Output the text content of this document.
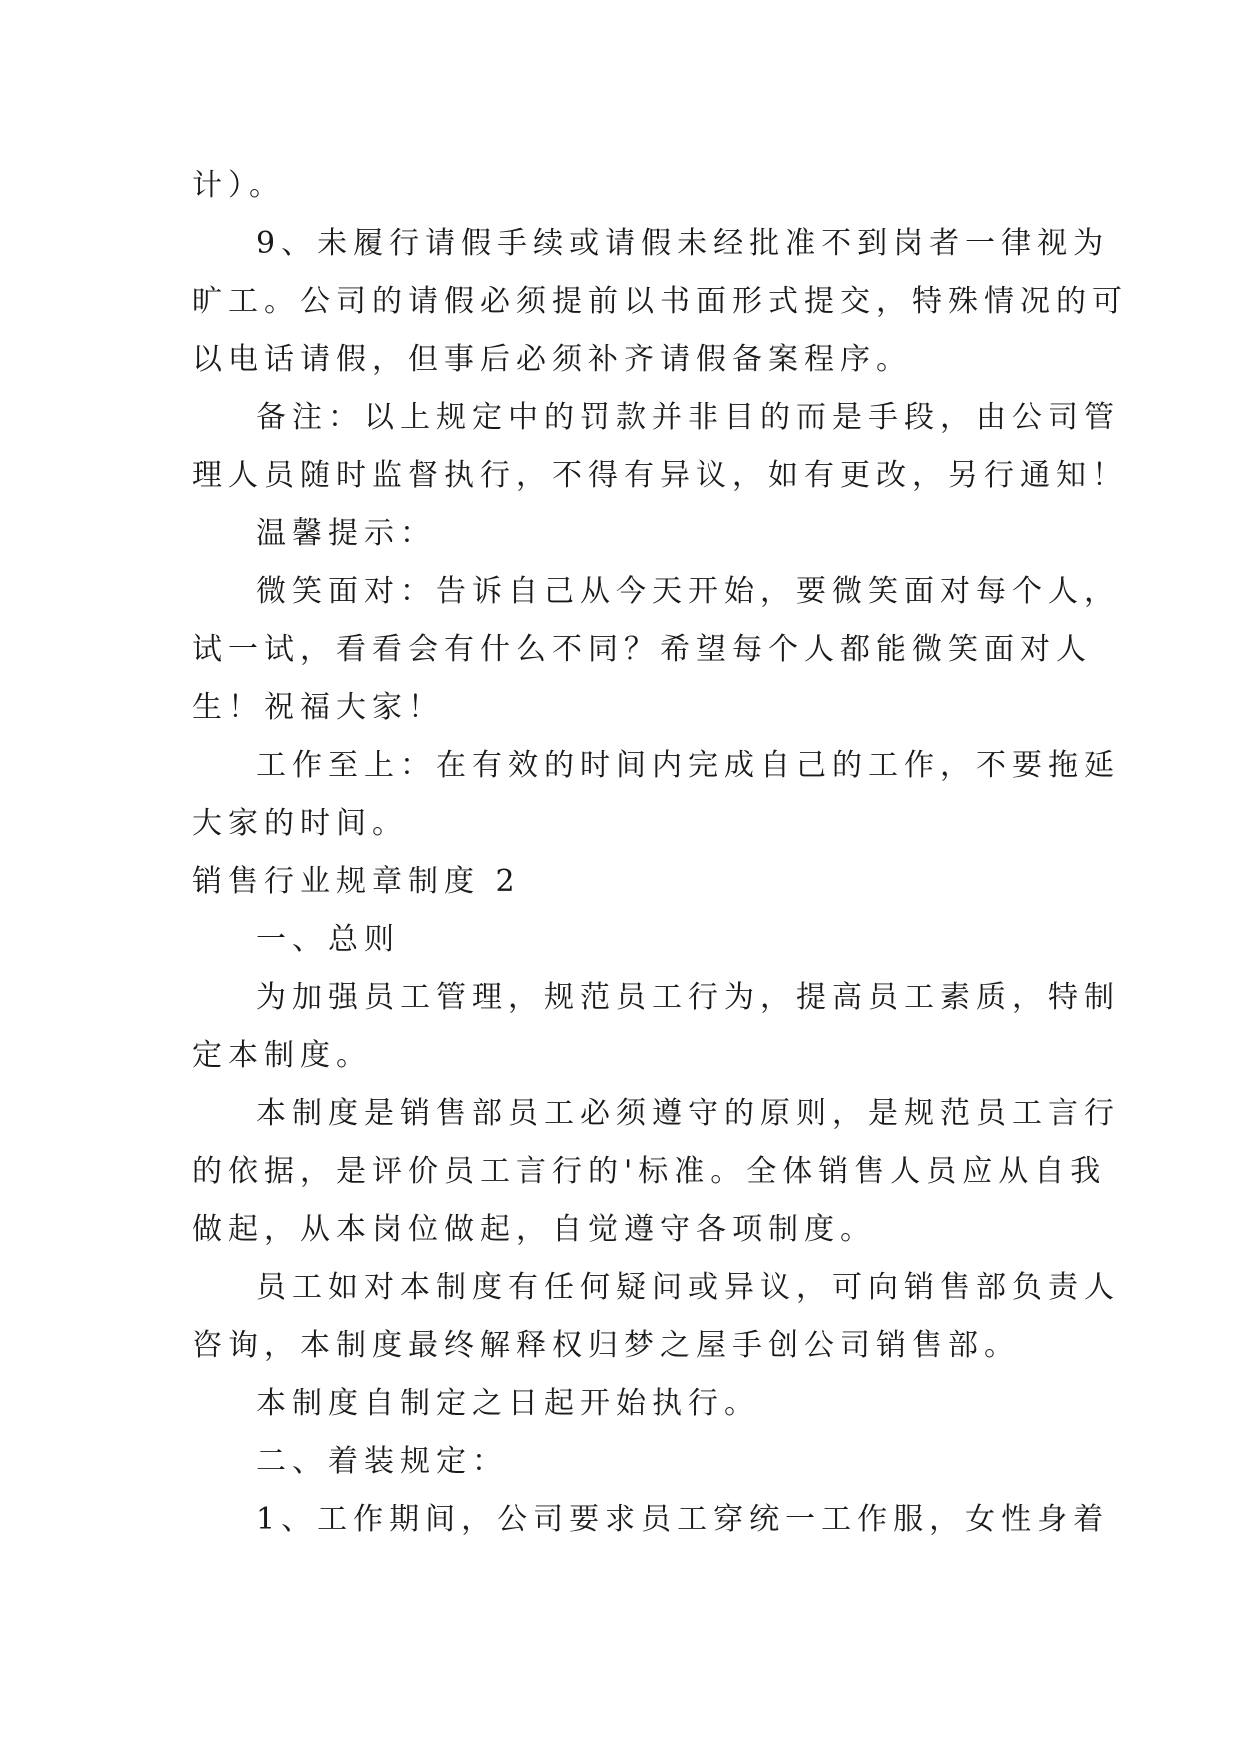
计）。
9、未履行请假手续或请假未经批准不到岗者一律视为
旷工。公司的请假必须提前以书面形式提交，特殊情况的可
以电话请假，但事后必须补齐请假备案程序。
备注：以上规定中的罚款并非目的而是手段，由公司管
理人员随时监督执行，不得有异议，如有更改，另行通知！
温馨提示：
微笑面对：告诉自己从今天开始，要微笑面对每个人，
试一试，看看会有什么不同？希望每个人都能微笑面对人
生！祝福大家！
工作至上：在有效的时间内完成自己的工作，不要拖延
大家的时间。
销售行业规章制度 2
一、总则
为加强员工管理，规范员工行为，提高员工素质，特制
定本制度。
本制度是销售部员工必须遵守的原则，是规范员工言行
的依据，是评价员工言行的'标准。全体销售人员应从自我
做起，从本岗位做起，自觉遵守各项制度。
员工如对本制度有任何疑问或异议，可向销售部负责人
咨询，本制度最终解释权归梦之屋手创公司销售部。
本制度自制定之日起开始执行。
二、着装规定：
1、工作期间，公司要求员工穿统一工作服，女性身着
